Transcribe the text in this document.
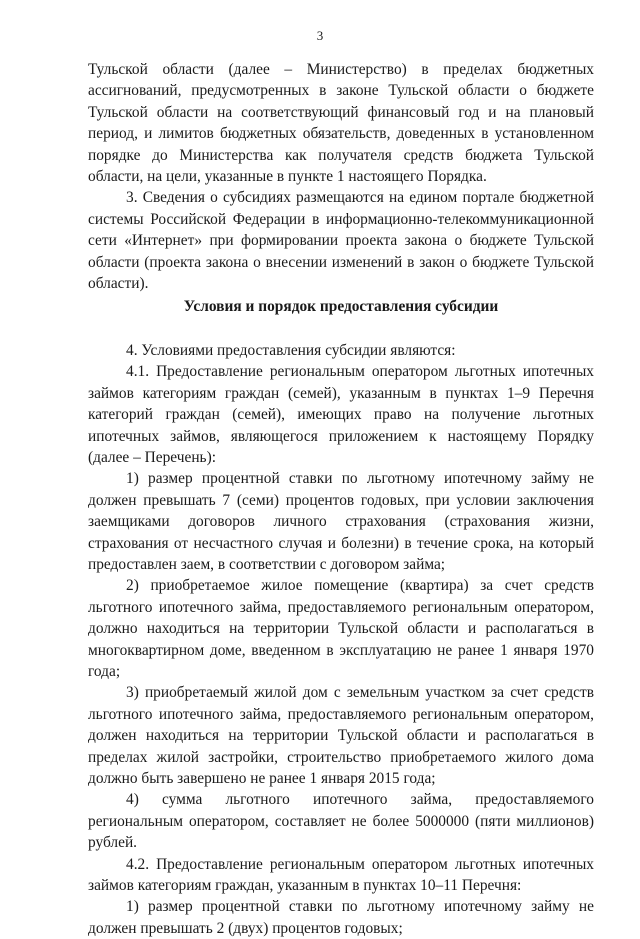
3

Тульской области (далее – Министерство) в пределах бюджетных ассигнований, предусмотренных в законе Тульской области о бюджете Тульской области на соответствующий финансовый год и на плановый период, и лимитов бюджетных обязательств, доведенных в установленном порядке до Министерства как получателя средств бюджета Тульской области, на цели, указанные в пункте 1 настоящего Порядка.

3. Сведения о субсидиях размещаются на едином портале бюджетной системы Российской Федерации в информационно-телекоммуникационной сети «Интернет» при формировании проекта закона о бюджете Тульской области (проекта закона о внесении изменений в закон о бюджете Тульской области).

Условия и порядок предоставления субсидии

4. Условиями предоставления субсидии являются:

4.1. Предоставление региональным оператором льготных ипотечных займов категориям граждан (семей), указанным в пунктах 1–9 Перечня категорий граждан (семей), имеющих право на получение льготных ипотечных займов, являющегося приложением к настоящему Порядку (далее – Перечень):

1) размер процентной ставки по льготному ипотечному займу не должен превышать 7 (семи) процентов годовых, при условии заключения заемщиками договоров личного страхования (страхования жизни, страхования от несчастного случая и болезни) в течение срока, на который предоставлен заем, в соответствии с договором займа;

2) приобретаемое жилое помещение (квартира) за счет средств льготного ипотечного займа, предоставляемого региональным оператором, должно находиться на территории Тульской области и располагаться в многоквартирном доме, введенном в эксплуатацию не ранее 1 января 1970 года;

3) приобретаемый жилой дом с земельным участком за счет средств льготного ипотечного займа, предоставляемого региональным оператором, должен находиться на территории Тульской области и располагаться в пределах жилой застройки, строительство приобретаемого жилого дома должно быть завершено не ранее 1 января 2015 года;

4) сумма льготного ипотечного займа, предоставляемого региональным оператором, составляет не более 5000000 (пяти миллионов) рублей.

4.2. Предоставление региональным оператором льготных ипотечных займов категориям граждан, указанным в пунктах 10–11 Перечня:

1) размер процентной ставки по льготному ипотечному займу не должен превышать 2 (двух) процентов годовых;
